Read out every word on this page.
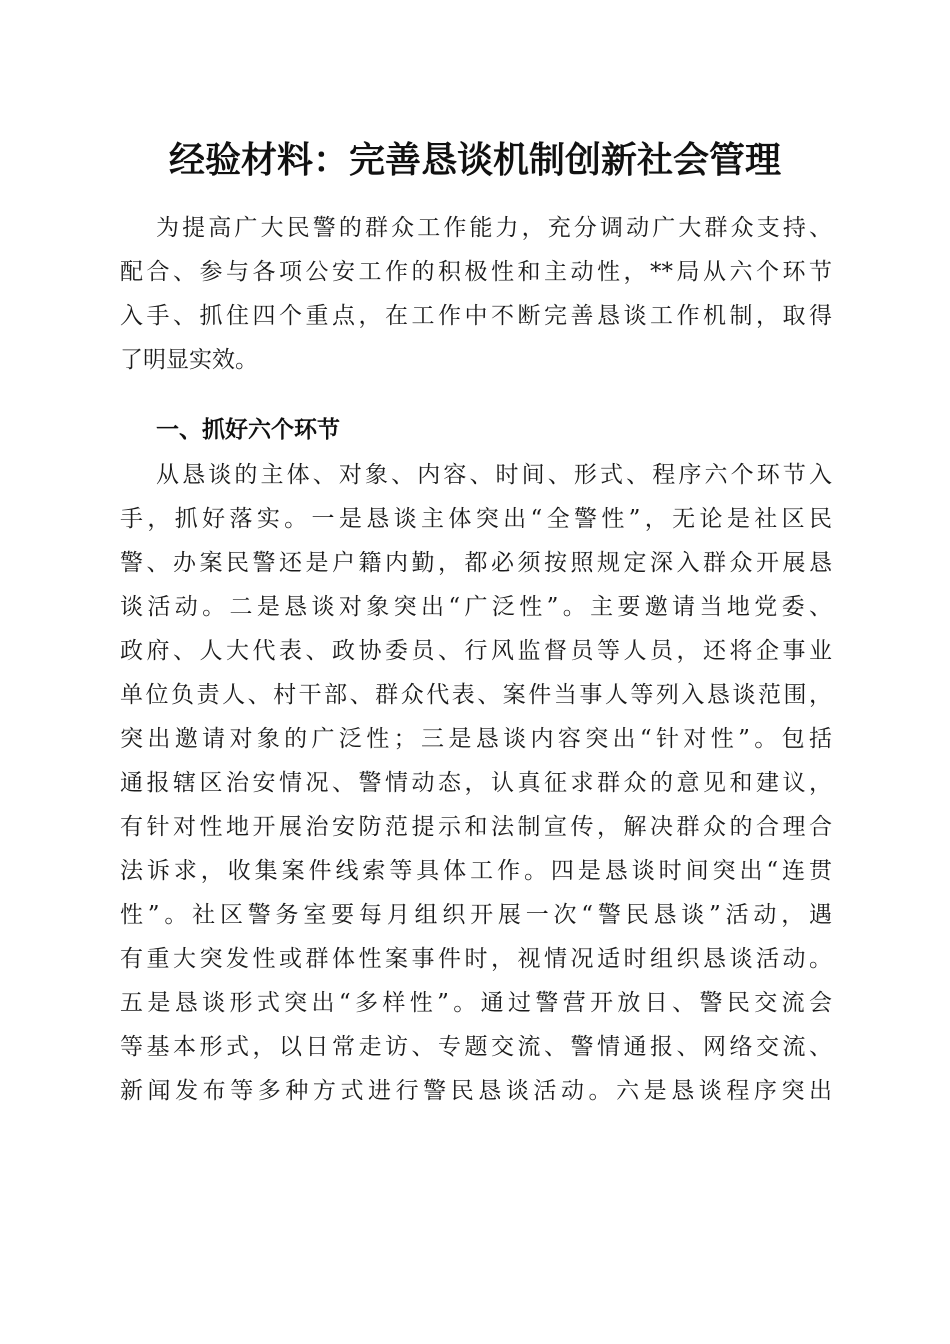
经验材料：完善恳谈机制创新社会管理
为提高广大民警的群众工作能力，充分调动广大群众支持、
配合、参与各项公安工作的积极性和主动性，**局从六个环节
入手、抓住四个重点，在工作中不断完善恳谈工作机制，取得
了明显实效。
一、抓好六个环节
从恳谈的主体、对象、内容、时间、形式、程序六个环节入
手，抓好落实。一是恳谈主体突出“全警性”，无论是社区民
警、办案民警还是户籍内勤，都必须按照规定深入群众开展恳
谈活动。二是恳谈对象突出“广泛性”。主要邀请当地党委、
政府、人大代表、政协委员、行风监督员等人员，还将企事业
单位负责人、村干部、群众代表、案件当事人等列入恳谈范围，
突出邀请对象的广泛性；三是恳谈内容突出“针对性”。包括
通报辖区治安情况、警情动态，认真征求群众的意见和建议，
有针对性地开展治安防范提示和法制宣传，解决群众的合理合
法诉求，收集案件线索等具体工作。四是恳谈时间突出“连贯
性”。社区警务室要每月组织开展一次“警民恳谈”活动，遇
有重大突发性或群体性案事件时，视情况适时组织恳谈活动。
五是恳谈形式突出“多样性”。通过警营开放日、警民交流会
等基本形式，以日常走访、专题交流、警情通报、网络交流、
新闻发布等多种方式进行警民恳谈活动。六是恳谈程序突出
